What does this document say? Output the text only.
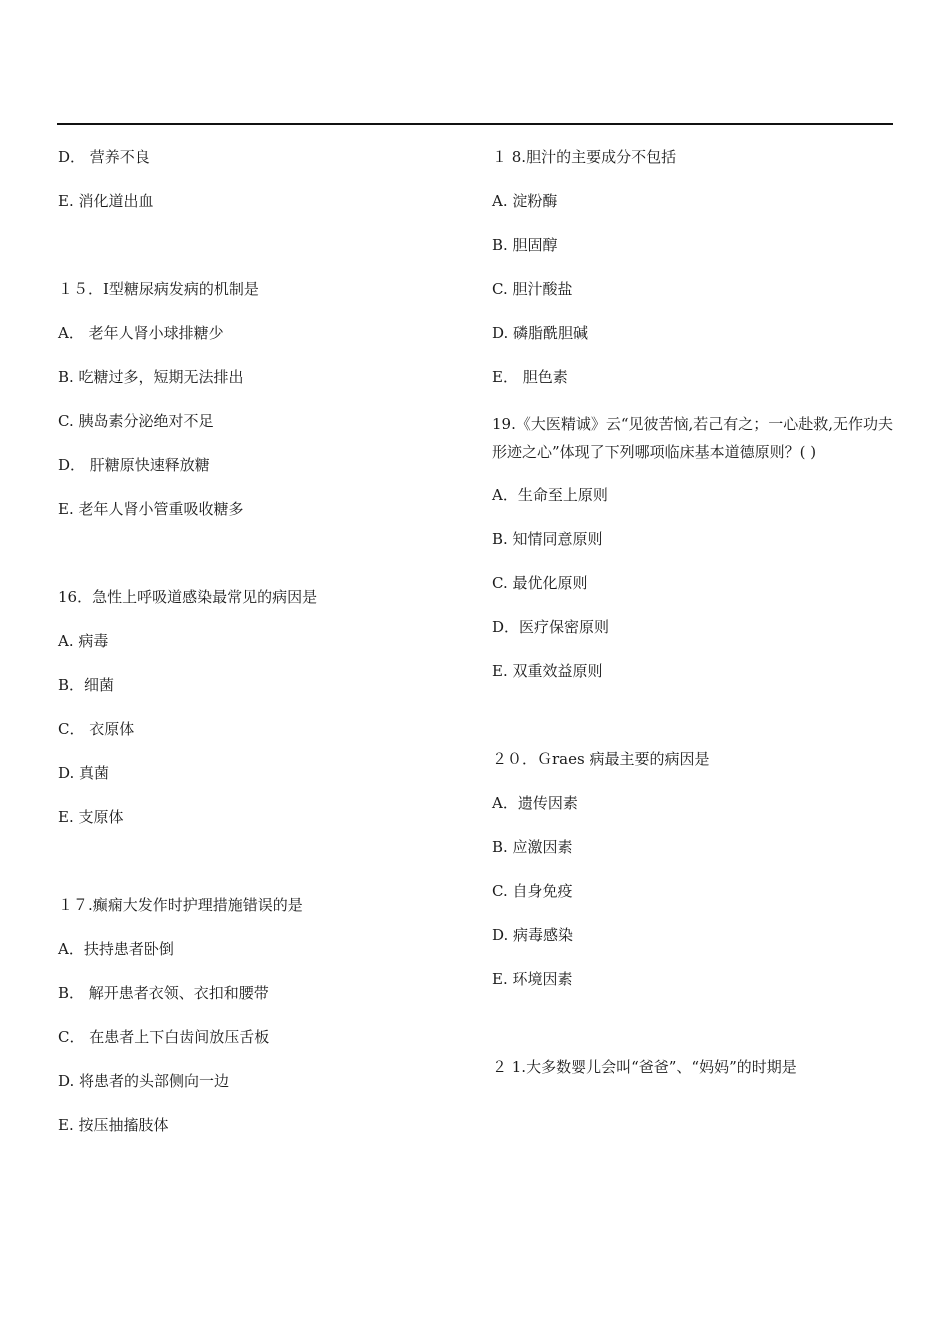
D． 营养不良
E. 消化道出血
１５．Ⅰ型糖尿病发病的机制是
A． 老年人肾小球排糖少
B. 吃糖过多，短期无法排出
C. 胰岛素分泌绝对不足
D． 肝糖原快速释放糖
E. 老年人肾小管重吸收糖多
16．急性上呼吸道感染最常见的病因是
A. 病毒
B．细菌
C． 衣原体
D. 真菌
E. 支原体
１７.癫痫大发作时护理措施错误的是
A．扶持患者卧倒
B． 解开患者衣领、衣扣和腰带
C． 在患者上下白齿间放压舌板
D. 将患者的头部侧向一边
E. 按压抽搐肢体
１ 8.胆汁的主要成分不包括
A. 淀粉酶
B. 胆固醇
C. 胆汁酸盐
D. 磷脂酰胆碱
E． 胆色素
19.《大医精诚》云“见彼苦恼,若己有之；一心赴救,无作功夫形迹之心”体现了下列哪项临床基本道德原则？( )
A．生命至上原则
B. 知情同意原则
C. 最优化原则
D．医疗保密原则
E. 双重效益原则
２０．Ｇraes 病最主要的病因是
A．遗传因素
B. 应激因素
C. 自身免疫
D. 病毒感染
E. 环境因素
２ 1.大多数婴儿会叫“爸爸”、“妈妈”的时期是
